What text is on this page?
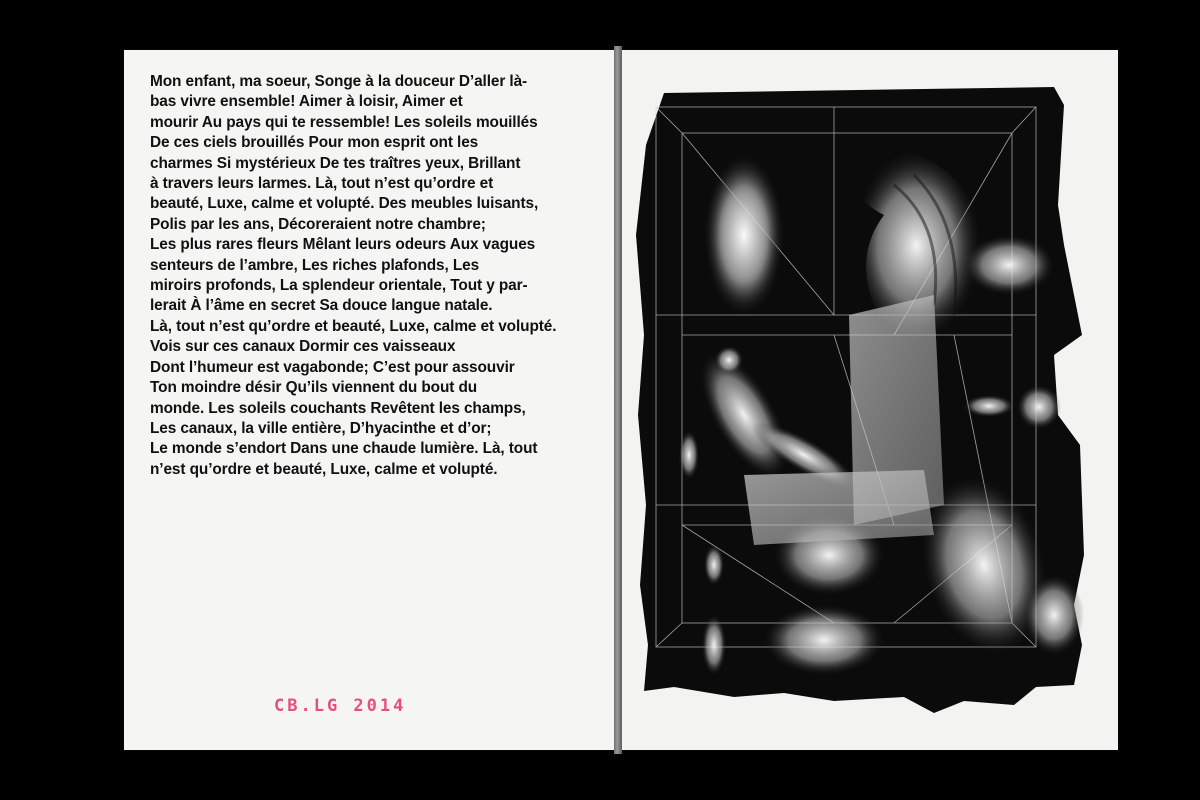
Mon enfant, ma soeur, Songe à la douceur D’aller là-
bas vivre ensemble! Aimer à loisir, Aimer et
mourir Au pays qui te ressemble! Les soleils mouillés
De ces ciels brouillés Pour mon esprit ont les
charmes Si mystérieux De tes traîtres yeux, Brillant
à travers leurs larmes. Là, tout n’est qu’ordre et
beauté, Luxe, calme et volupté. Des meubles luisants,
Polis par les ans, Décoreraient notre chambre;
Les plus rares fleurs Mêlant leurs odeurs Aux vagues
senteurs de l’ambre, Les riches plafonds, Les
miroirs profonds, La splendeur orientale, Tout y par-
lerait À l’âme en secret Sa douce langue natale.
Là, tout n’est qu’ordre et beauté, Luxe, calme et volupté.
Vois sur ces canaux Dormir ces vaisseaux
Dont l’humeur est vagabonde; C’est pour assouvir
Ton moindre désir Qu’ils viennent du bout du
monde. Les soleils couchants Revêtent les champs,
Les canaux, la ville entière, D’hyacinthe et d’or;
Le monde s’endort Dans une chaude lumière. Là, tout
n’est qu’ordre et beauté, Luxe, calme et volupté.
CB.LG 2014
